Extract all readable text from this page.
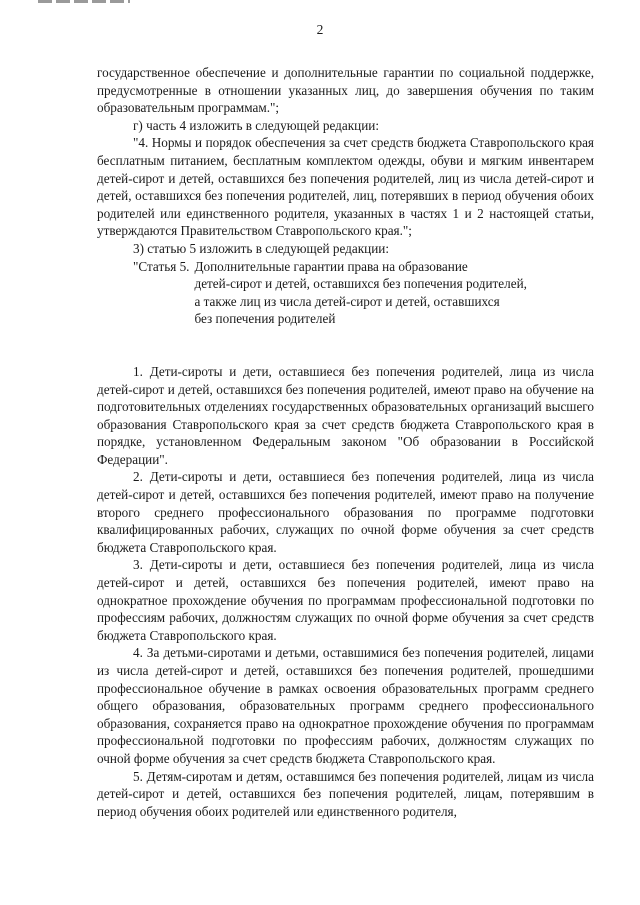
2

государственное обеспечение и дополнительные гарантии по социальной поддержке, предусмотренные в отношении указанных лиц, до завершения обучения по таким образовательным программам.";

г) часть 4 изложить в следующей редакции:

"4. Нормы и порядок обеспечения за счет средств бюджета Ставропольского края бесплатным питанием, бесплатным комплектом одежды, обуви и мягким инвентарем детей-сирот и детей, оставшихся без попечения родителей, лиц из числа детей-сирот и детей, оставшихся без попечения родителей, лиц, потерявших в период обучения обоих родителей или единственного родителя, указанных в частях 1 и 2 настоящей статьи, утверждаются Правительством Ставропольского края.";

3) статью 5 изложить в следующей редакции:

"Статья 5. Дополнительные гарантии права на образование
детей-сирот и детей, оставшихся без попечения родителей,
а также лиц из числа детей-сирот и детей, оставшихся
без попечения родителей

1. Дети-сироты и дети, оставшиеся без попечения родителей, лица из числа детей-сирот и детей, оставшихся без попечения родителей, имеют право на обучение на подготовительных отделениях государственных образовательных организаций высшего образования Ставропольского края за счет средств бюджета Ставропольского края в порядке, установленном Федеральным законом "Об образовании в Российской Федерации".

2. Дети-сироты и дети, оставшиеся без попечения родителей, лица из числа детей-сирот и детей, оставшихся без попечения родителей, имеют право на получение второго среднего профессионального образования по программе подготовки квалифицированных рабочих, служащих по очной форме обучения за счет средств бюджета Ставропольского края.

3. Дети-сироты и дети, оставшиеся без попечения родителей, лица из числа детей-сирот и детей, оставшихся без попечения родителей, имеют право на однократное прохождение обучения по программам профессиональной подготовки по профессиям рабочих, должностям служащих по очной форме обучения за счет средств бюджета Ставропольского края.

4. За детьми-сиротами и детьми, оставшимися без попечения родителей, лицами из числа детей-сирот и детей, оставшихся без попечения родителей, прошедшими профессиональное обучение в рамках освоения образовательных программ среднего общего образования, образовательных программ среднего профессионального образования, сохраняется право на однократное прохождение обучения по программам профессиональной подготовки по профессиям рабочих, должностям служащих по очной форме обучения за счет средств бюджета Ставропольского края.

5. Детям-сиротам и детям, оставшимся без попечения родителей, лицам из числа детей-сирот и детей, оставшихся без попечения родителей, лицам, потерявшим в период обучения обоих родителей или единственного родителя,
